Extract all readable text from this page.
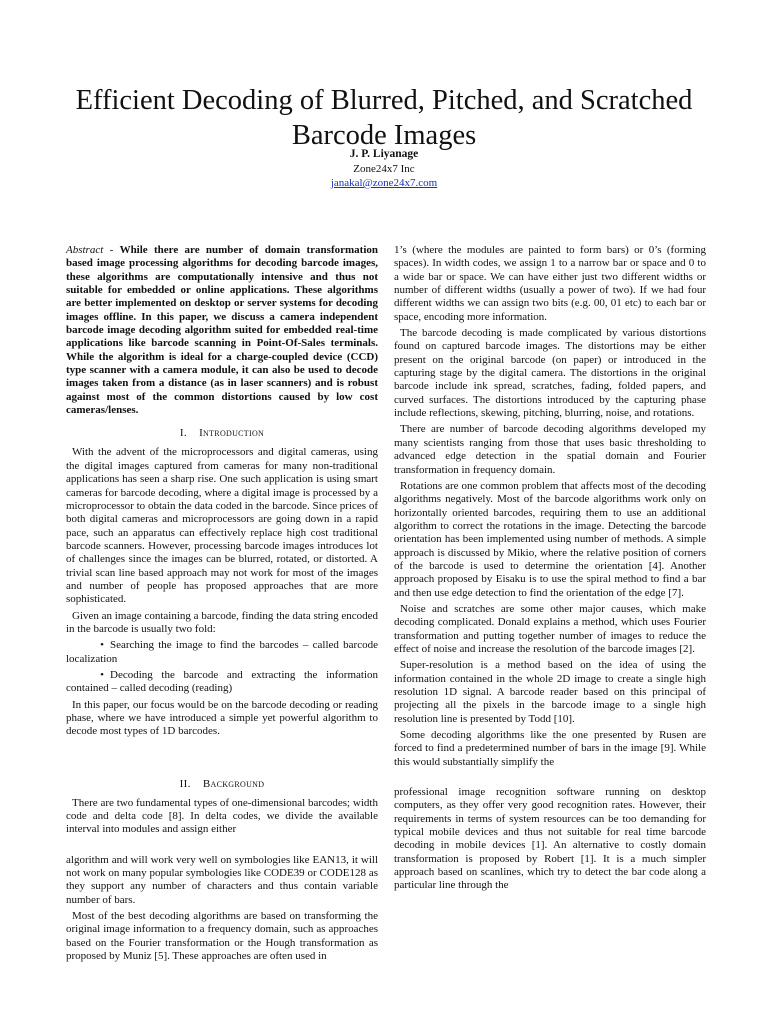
Efficient Decoding of Blurred, Pitched, and Scratched Barcode Images
J. P. Liyanage
Zone24x7 Inc
janakal@zone24x7.com

Abstract - While there are number of domain transformation based image processing algorithms for decoding barcode images, these algorithms are computationally intensive and thus not suitable for embedded or online applications. These algorithms are better implemented on desktop or server systems for decoding images offline. In this paper, we discuss a camera independent barcode image decoding algorithm suited for embedded real-time applications like barcode scanning in Point-Of-Sales terminals. While the algorithm is ideal for a charge-coupled device (CCD) type scanner with a camera module, it can also be used to decode images taken from a distance (as in laser scanners) and is robust against most of the common distortions caused by low cost cameras/lenses.

I. Introduction

With the advent of the microprocessors and digital cameras, using the digital images captured from cameras for many non-traditional applications has seen a sharp rise. One such application is using smart cameras for barcode decoding, where a digital image is processed by a microprocessor to obtain the data coded in the barcode. Since prices of both digital cameras and microprocessors are going down in a rapid pace, such an apparatus can effectively replace high cost traditional barcode scanners. However, processing barcode images introduces lot of challenges since the images can be blurred, rotated, or distorted. A trivial scan line based approach may not work for most of the images and number of people has proposed approaches that are more sophisticated.

Given an image containing a barcode, finding the data string encoded in the barcode is usually two fold:

• Searching the image to find the barcodes – called barcode localization

• Decoding the barcode and extracting the information contained – called decoding (reading)

In this paper, our focus would be on the barcode decoding or reading phase, where we have introduced a simple yet powerful algorithm to decode most types of 1D barcodes.

II. Background

There are two fundamental types of one-dimensional barcodes; width code and delta code [8]. In delta codes, we divide the available interval into modules and assign either

algorithm and will work very well on symbologies like EAN13, it will not work on many popular symbologies like CODE39 or CODE128 as they support any number of characters and thus contain variable number of bars.

Most of the best decoding algorithms are based on transforming the original image information to a frequency domain, such as approaches based on the Fourier transformation or the Hough transformation as proposed by Muniz [5]. These approaches are often used in

1’s (where the modules are painted to form bars) or 0’s (forming spaces). In width codes, we assign 1 to a narrow bar or space and 0 to a wide bar or space. We can have either just two different widths or number of different widths (usually a power of two). If we had four different widths we can assign two bits (e.g. 00, 01 etc) to each bar or space, encoding more information.

The barcode decoding is made complicated by various distortions found on captured barcode images. The distortions may be either present on the original barcode (on paper) or introduced in the capturing stage by the digital camera. The distortions in the original barcode include ink spread, scratches, fading, folded papers, and curved surfaces. The distortions introduced by the capturing phase include reflections, skewing, pitching, blurring, noise, and rotations.

There are number of barcode decoding algorithms developed my many scientists ranging from those that uses basic thresholding to advanced edge detection in the spatial domain and Fourier transformation in frequency domain.

Rotations are one common problem that affects most of the decoding algorithms negatively. Most of the barcode algorithms work only on horizontally oriented barcodes, requiring them to use an additional algorithm to correct the rotations in the image. Detecting the barcode orientation has been implemented using number of methods. A simple approach is discussed by Mikio, where the relative position of corners of the barcode is used to determine the orientation [4]. Another approach proposed by Eisaku is to use the spiral method to find a bar and then use edge detection to find the orientation of the edge [7].

Noise and scratches are some other major causes, which make decoding complicated. Donald explains a method, which uses Fourier transformation and putting together number of images to reduce the effect of noise and increase the resolution of the barcode images [2].

Super-resolution is a method based on the idea of using the information contained in the whole 2D image to create a single high resolution 1D signal. A barcode reader based on this principal of projecting all the pixels in the barcode image to a single high resolution line is presented by Todd [10].

Some decoding algorithms like the one presented by Rusen are forced to find a predetermined number of bars in the image [9]. While this would substantially simplify the

professional image recognition software running on desktop computers, as they offer very good recognition rates. However, their requirements in terms of system resources can be too demanding for typical mobile devices and thus not suitable for real time barcode decoding in mobile devices [1]. An alternative to costly domain transformation is proposed by Robert [1]. It is a much simpler approach based on scanlines, which try to detect the bar code along a particular line through the
